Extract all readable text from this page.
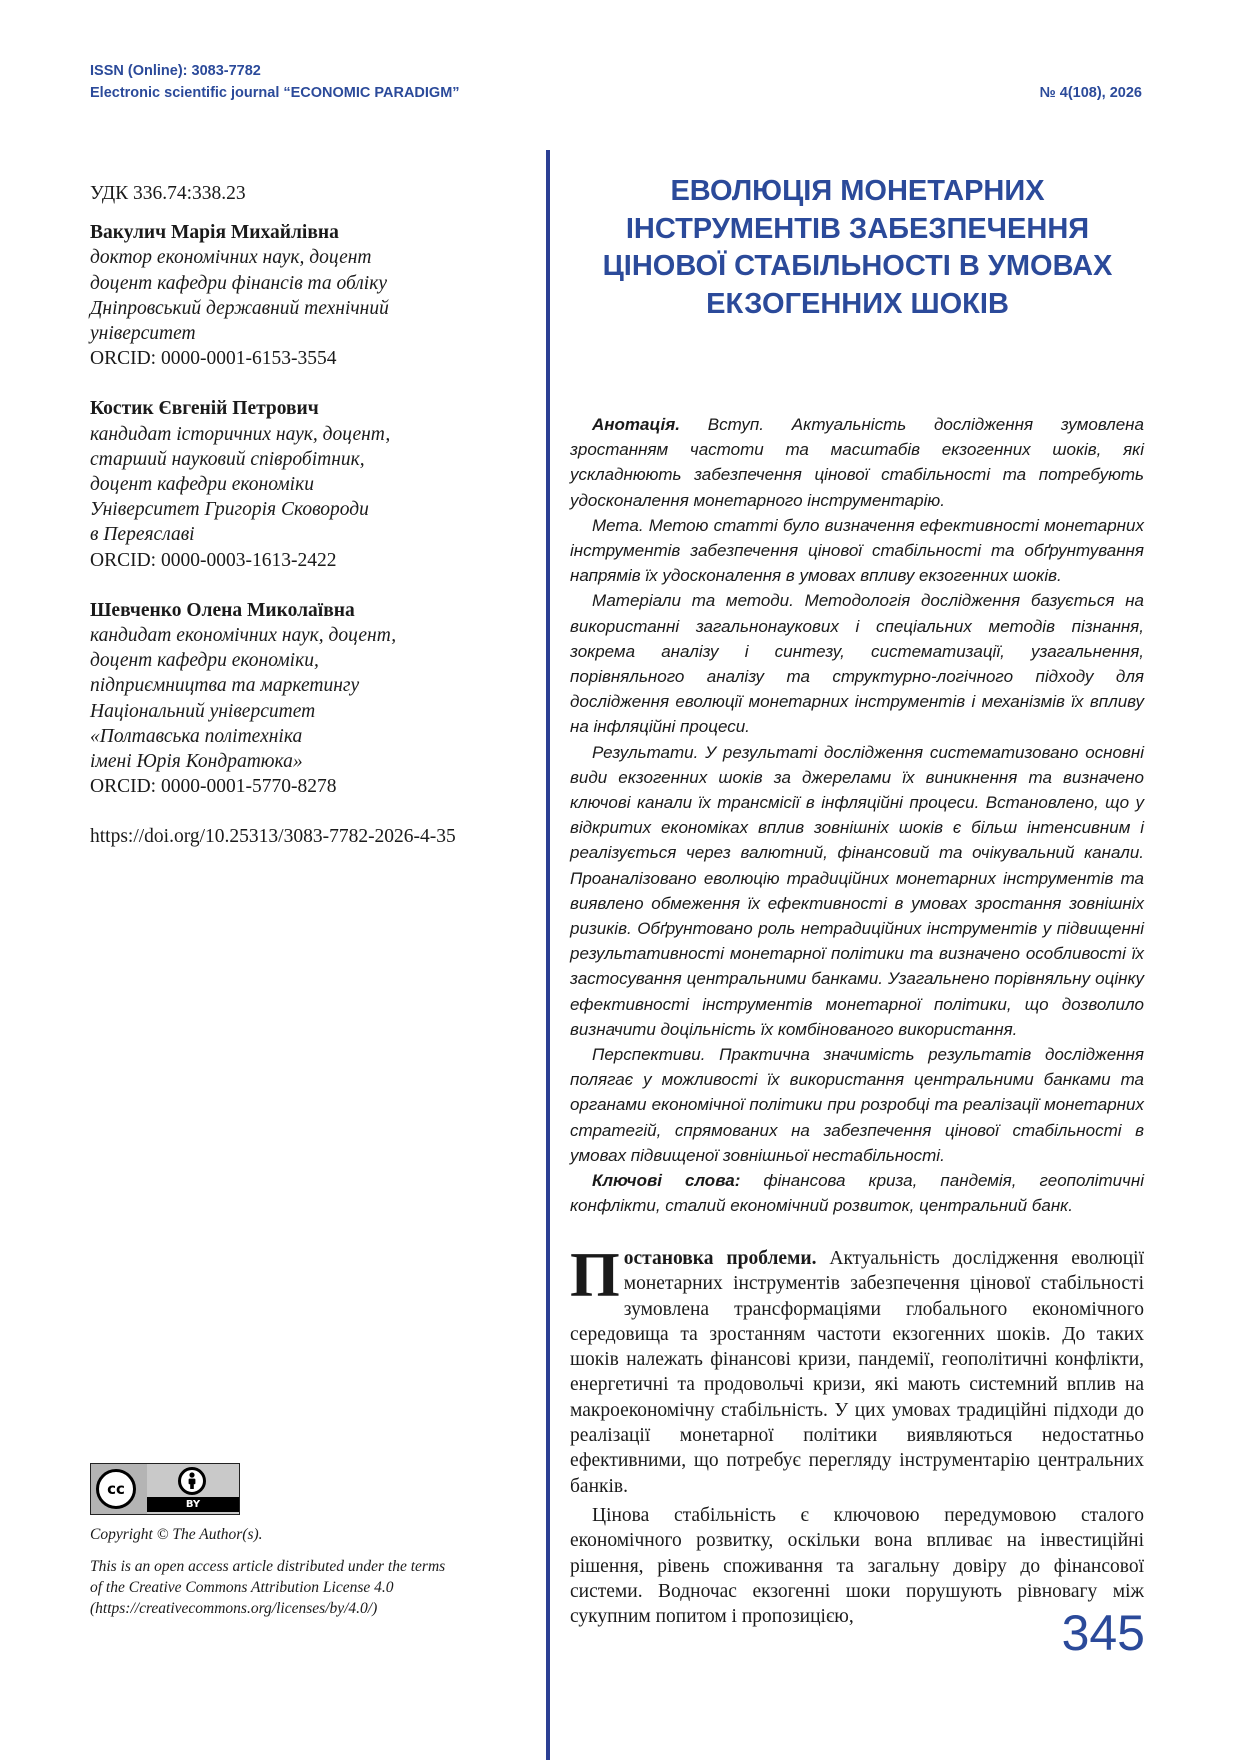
ISSN (Online): 3083-7782
Electronic scientific journal “ECONOMIC PARADIGM”	№ 4(108), 2026
УДК 336.74:338.23
Вакулич Марія Михайлівна
доктор економічних наук, доцент
доцент кафедри фінансів та обліку
Дніпровський державний технічний
університет
ORCID: 0000-0001-6153-3554
Костик Євгеній Петрович
кандидат історичних наук, доцент,
старший науковий співробітник,
доцент кафедри економіки
Університет Григорія Сковороди
в Переяславі
ORCID: 0000-0003-1613-2422
Шевченко Олена Миколаївна
кандидат економічних наук, доцент,
доцент кафедри економіки,
підприємництва та маркетингу
Національний університет
«Полтавська політехніка
імені Юрія Кондратюка»
ORCID: 0000-0001-5770-8278
https://doi.org/10.25313/3083-7782-2026-4-35
cc
BY

Copyright © The Author(s).

This is an open access article distributed under the terms
of the Creative Commons Attribution License 4.0
(https://creativecommons.org/licenses/by/4.0/)

ЕВОЛЮЦІЯ МОНЕТАРНИХ
ІНСТРУМЕНТІВ ЗАБЕЗПЕЧЕННЯ
ЦІНОВОЇ СТАБІЛЬНОСТІ В УМОВАХ
ЕКЗОГЕННИХ ШОКІВ

Анотація. Вступ. Актуальність дослідження зумовлена зростанням частоти та масштабів екзогенних шоків, які ускладнюють забезпечення цінової стабільності та потребують удосконалення монетарного інструментарію.

Мета. Метою статті було визначення ефективності монетарних інструментів забезпечення цінової стабільності та обґрунтування напрямів їх удосконалення в умовах впливу екзогенних шоків.

Матеріали та методи. Методологія дослідження базується на використанні загальнонаукових і спеціальних методів пізнання, зокрема аналізу і синтезу, систематизації, узагальнення, порівняльного аналізу та структурно-логічного підходу для дослідження еволюції монетарних інструментів і механізмів їх впливу на інфляційні процеси.

Результати. У результаті дослідження систематизовано основні види екзогенних шоків за джерелами їх виникнення та визначено ключові канали їх трансмісії в інфляційні процеси. Встановлено, що у відкритих економіках вплив зовнішніх шоків є більш інтенсивним і реалізується через валютний, фінансовий та очікувальний канали. Проаналізовано еволюцію традиційних монетарних інструментів та виявлено обмеження їх ефективності в умовах зростання зовнішніх ризиків. Обґрунтовано роль нетрадиційних інструментів у підвищенні результативності монетарної політики та визначено особливості їх застосування центральними банками. Узагальнено порівняльну оцінку ефективності інструментів монетарної політики, що дозволило визначити доцільність їх комбінованого використання.

Перспективи. Практична значимість результатів дослідження полягає у можливості їх використання центральними банками та органами економічної політики при розробці та реалізації монетарних стратегій, спрямованих на забезпечення цінової стабільності в умовах підвищеної зовнішньої нестабільності.

Ключові слова: фінансова криза, пандемія, геополітичні конфлікти, сталий економічний розвиток, центральний банк.

Постановка проблеми. Актуальність дослідження еволюції монетарних інструментів забезпечення цінової стабільності зумовлена трансформаціями глобального економічного середовища та зростанням частоти екзогенних шоків. До таких шоків належать фінансові кризи, пандемії, геополітичні конфлікти, енергетичні та продовольчі кризи, які мають системний вплив на макроекономічну стабільність. У цих умовах традиційні підходи до реалізації монетарної політики виявляються недостатньо ефективними, що потребує перегляду інструментарію центральних банків.

Цінова стабільність є ключовою передумовою сталого економічного розвитку, оскільки вона впливає на інвестиційні рішення, рівень споживання та загальну довіру до фінансової системи. Водночас екзогенні шоки порушують рівновагу між сукупним попитом і пропозицією,	345
